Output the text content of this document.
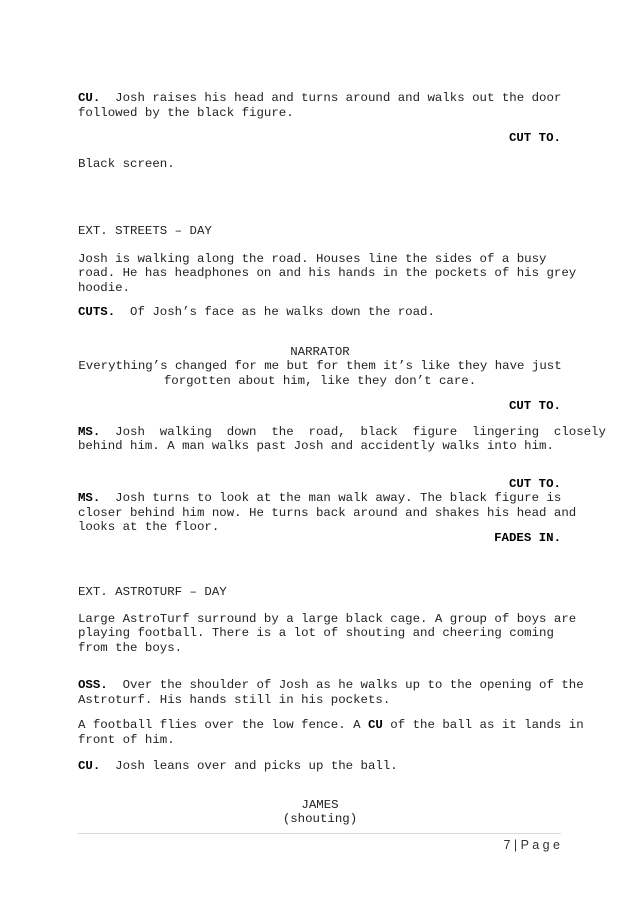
CU.  Josh raises his head and turns around and walks out the door
followed by the black figure.
CUT TO.
Black screen.
EXT. STREETS – DAY
Josh is walking along the road. Houses line the sides of a busy
road. He has headphones on and his hands in the pockets of his grey
hoodie.
CUTS.  Of Josh’s face as he walks down the road.
NARRATOR
Everything’s changed for me but for them it’s like they have just
forgotten about him, like they don’t care.
CUT TO.
MS.  Josh  walking  down  the  road,  black  figure  lingering  closely
behind him. A man walks past Josh and accidently walks into him.
CUT TO.
MS.  Josh turns to look at the man walk away. The black figure is
closer behind him now. He turns back around and shakes his head and
looks at the floor.
FADES IN.
EXT. ASTROTURF – DAY
Large AstroTurf surround by a large black cage. A group of boys are
playing football. There is a lot of shouting and cheering coming
from the boys.
OSS.  Over the shoulder of Josh as he walks up to the opening of the
Astroturf. His hands still in his pockets.
A football flies over the low fence. A CU of the ball as it lands in
front of him.
CU.  Josh leans over and picks up the ball.
JAMES
(shouting)
7 | P a g e
